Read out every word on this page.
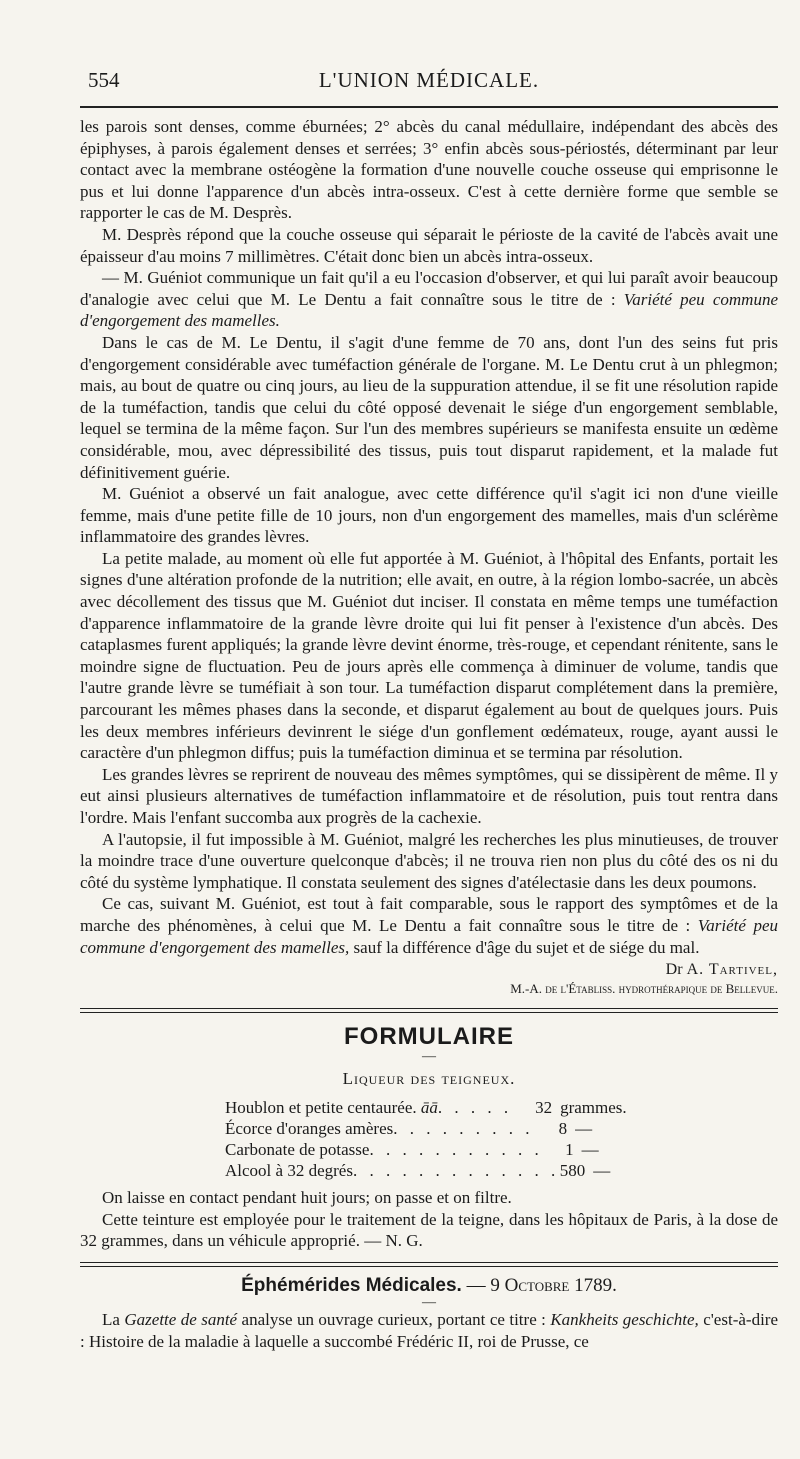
554	L'UNION MÉDICALE.

les parois sont denses, comme éburnées; 2° abcès du canal médullaire, indépendant des abcès des épiphyses, à parois également denses et serrées; 3° enfin abcès sous-périostés, déterminant par leur contact avec la membrane ostéogène la formation d'une nouvelle couche osseuse qui emprisonne le pus et lui donne l'apparence d'un abcès intra-osseux. C'est à cette dernière forme que semble se rapporter le cas de M. Desprès.

M. Desprès répond que la couche osseuse qui séparait le périoste de la cavité de l'abcès avait une épaisseur d'au moins 7 millimètres. C'était donc bien un abcès intra-osseux.

— M. Guéniot communique un fait qu'il a eu l'occasion d'observer, et qui lui paraît avoir beaucoup d'analogie avec celui que M. Le Dentu a fait connaître sous le titre de : Variété peu commune d'engorgement des mamelles.

Dans le cas de M. Le Dentu, il s'agit d'une femme de 70 ans, dont l'un des seins fut pris d'engorgement considérable avec tuméfaction générale de l'organe. M. Le Dentu crut à un phlegmon; mais, au bout de quatre ou cinq jours, au lieu de la suppuration attendue, il se fit une résolution rapide de la tuméfaction, tandis que celui du côté opposé devenait le siége d'un engorgement semblable, lequel se termina de la même façon. Sur l'un des membres supérieurs se manifesta ensuite un œdème considérable, mou, avec dépressibilité des tissus, puis tout disparut rapidement, et la malade fut définitivement guérie.

M. Guéniot a observé un fait analogue, avec cette différence qu'il s'agit ici non d'une vieille femme, mais d'une petite fille de 10 jours, non d'un engorgement des mamelles, mais d'un sclérème inflammatoire des grandes lèvres.

La petite malade, au moment où elle fut apportée à M. Guéniot, à l'hôpital des Enfants, portait les signes d'une altération profonde de la nutrition; elle avait, en outre, à la région lombo-sacrée, un abcès avec décollement des tissus que M. Guéniot dut inciser. Il constata en même temps une tuméfaction d'apparence inflammatoire de la grande lèvre droite qui lui fit penser à l'existence d'un abcès. Des cataplasmes furent appliqués; la grande lèvre devint énorme, très-rouge, et cependant rénitente, sans le moindre signe de fluctuation. Peu de jours après elle commença à diminuer de volume, tandis que l'autre grande lèvre se tuméfiait à son tour. La tuméfaction disparut complétement dans la première, parcourant les mêmes phases dans la seconde, et disparut également au bout de quelques jours. Puis les deux membres inférieurs devinrent le siége d'un gonflement œdémateux, rouge, ayant aussi le caractère d'un phlegmon diffus; puis la tuméfaction diminua et se termina par résolution.

Les grandes lèvres se reprirent de nouveau des mêmes symptômes, qui se dissipèrent de même. Il y eut ainsi plusieurs alternatives de tuméfaction inflammatoire et de résolution, puis tout rentra dans l'ordre. Mais l'enfant succomba aux progrès de la cachexie.

A l'autopsie, il fut impossible à M. Guéniot, malgré les recherches les plus minutieuses, de trouver la moindre trace d'une ouverture quelconque d'abcès; il ne trouva rien non plus du côté des os ni du côté du système lymphatique. Il constata seulement des signes d'atélectasie dans les deux poumons.

Ce cas, suivant M. Guéniot, est tout à fait comparable, sous le rapport des symptômes et de la marche des phénomènes, à celui que M. Le Dentu a fait connaître sous le titre de : Variété peu commune d'engorgement des mamelles, sauf la différence d'âge du sujet et de siége du mal.

Dr A. Tartivel,
M.-A. de l'Établiss. hydrothérapique de Bellevue.
FORMULAIRE
—
Liqueur des teigneux.
Houblon et petite centaurée. āā . . . . .	32 grammes.
Écorce d'oranges amères . . . . . . . . .	8 —
Carbonate de potasse . . . . . . . . . . .	1 —
Alcool à 32 degrés . . . . . . . . . . . . . 580 —

On laisse en contact pendant huit jours; on passe et on filtre.

Cette teinture est employée pour le traitement de la teigne, dans les hôpitaux de Paris, à la dose de 32 grammes, dans un véhicule approprié. — N. G.

Éphémérides Médicales. — 9 Octobre 1789.
—

La Gazette de santé analyse un ouvrage curieux, portant ce titre : Kankheits geschichte, c'est-à-dire : Histoire de la maladie à laquelle a succombé Frédéric II, roi de Prusse, ce
